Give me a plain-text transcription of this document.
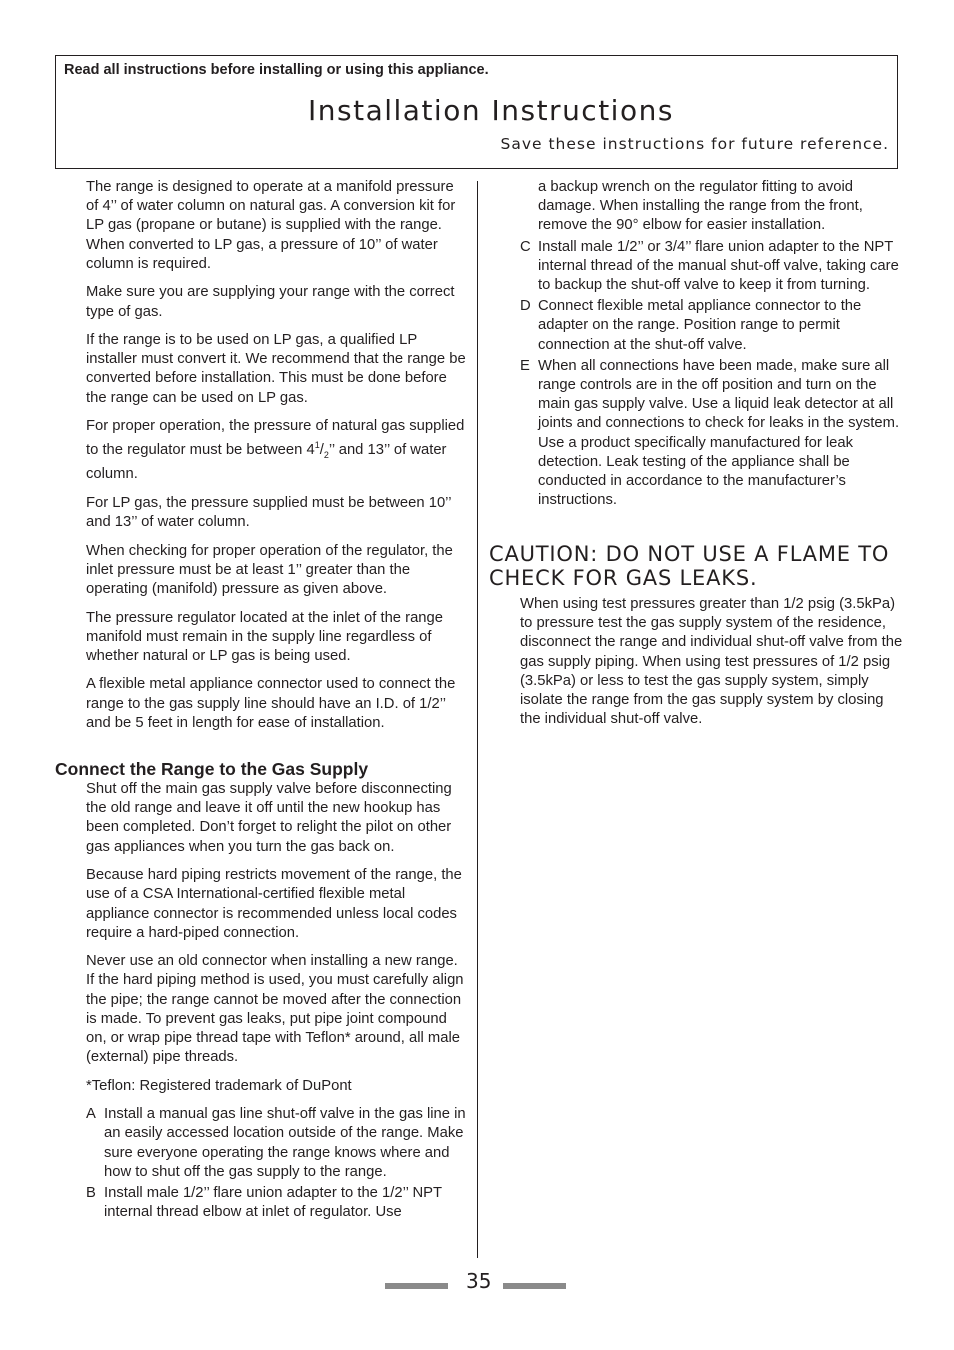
Read all instructions before installing or using this appliance.
Installation Instructions
Save these instructions for future reference.

The range is designed to operate at a manifold pressure of 4’’ of water column on natural gas. A conversion kit for LP gas (propane or butane) is supplied with the range. When converted to LP gas, a pressure of 10’’ of water column is required.

Make sure you are supplying your range with the correct type of gas.

If the range is to be used on LP gas, a qualified LP installer must convert it. We recommend that the range be converted before installation. This must be done before the range can be used on LP gas.

For proper operation, the pressure of natural gas supplied to the regulator must be between $4^1/_2$’’ and 13’’ of water column.

For LP gas, the pressure supplied must be between 10’’ and 13’’ of water column.

When checking for proper operation of the regulator, the inlet pressure must be at least 1’’ greater than the operating (manifold) pressure as given above.

The pressure regulator located at the inlet of the range manifold must remain in the supply line regardless of whether natural or LP gas is being used.

A flexible metal appliance connector used to connect the range to the gas supply line should have an I.D. of 1/2’’ and be 5 feet in length for ease of installation.

Connect the Range to the Gas Supply

Shut off the main gas supply valve before disconnecting the old range and leave it off until the new hookup has been completed. Don’t forget to relight the pilot on other gas appliances when you turn the gas back on.

Because hard piping restricts movement of the range, the use of a CSA International-certified flexible metal appliance connector is recommended unless local codes require a hard-piped connection.

Never use an old connector when installing a new range. If the hard piping method is used, you must carefully align the pipe; the range cannot be moved after the connection is made. To prevent gas leaks, put pipe joint compound on, or wrap pipe thread tape with Teflon* around, all male (external) pipe threads.

*Teflon: Registered trademark of DuPont

A Install a manual gas line shut-off valve in the gas line in an easily accessed location outside of the range. Make sure everyone operating the range knows where and how to shut off the gas supply to the range.
B Install male 1/2’’ flare union adapter to the 1/2’’ NPT internal thread elbow at inlet of regulator. Use
a backup wrench on the regulator fitting to avoid damage. When installing the range from the front, remove the 90° elbow for easier installation.
C Install male 1/2’’ or 3/4’’ flare union adapter to the NPT internal thread of the manual shut-off valve, taking care to backup the shut-off valve to keep it from turning.
D Connect flexible metal appliance connector to the adapter on the range. Position range to permit connection at the shut-off valve.
E When all connections have been made, make sure all range controls are in the off position and turn on the main gas supply valve. Use a liquid leak detector at all joints and connections to check for leaks in the system. Use a product specifically manufactured for leak detection. Leak testing of the appliance shall be conducted in accordance to the manufacturer’s instructions.
CAUTION: DO NOT USE A FLAME TO CHECK FOR GAS LEAKS.
When using test pressures greater than 1/2 psig (3.5kPa) to pressure test the gas supply system of the residence, disconnect the range and individual shut-off valve from the gas supply piping. When using test pressures of 1/2 psig (3.5kPa) or less to test the gas supply system, simply isolate the range from the gas supply system by closing the individual shut-off valve.
35
